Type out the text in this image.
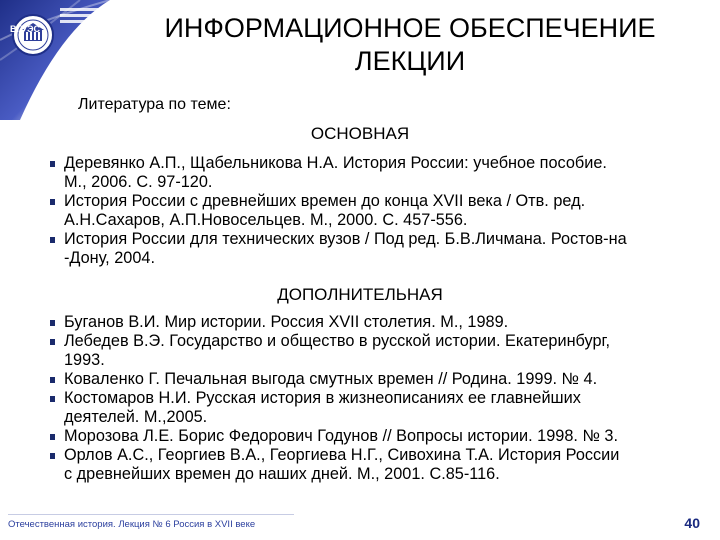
ВГУЭС	ИНФОРМАЦИОННОЕ ОБЕСПЕЧЕНИЕ
ЛЕКЦИИ
Литература по теме:
ОСНОВНАЯ
Деревянко А.П., Щабельникова Н.А. История России: учебное пособие.
М., 2006. С. 97-120.
История России с древнейших времен до конца XVII века / Отв. ред.
А.Н.Сахаров, А.П.Новосельцев. М., 2000. С. 457-556.
История России для технических вузов / Под ред. Б.В.Личмана. Ростов-на
-Дону, 2004.
ДОПОЛНИТЕЛЬНАЯ
Буганов В.И. Мир истории. Россия XVII столетия. М., 1989.
Лебедев В.Э. Государство и общество в русской истории. Екатеринбург,
1993.
Коваленко Г. Печальная выгода смутных времен // Родина. 1999. № 4.
Костомаров Н.И. Русская история в жизнеописаниях ее главнейших
деятелей. М.,2005.
Морозова Л.Е. Борис Федорович Годунов // Вопросы истории. 1998. № 3.
Орлов А.С., Георгиев В.А., Георгиева Н.Г., Сивохина Т.А. История России
с древнейших времен до наших дней. М., 2001. С.85-116.
Отечественная история. Лекция № 6 Россия в XVII веке	40
